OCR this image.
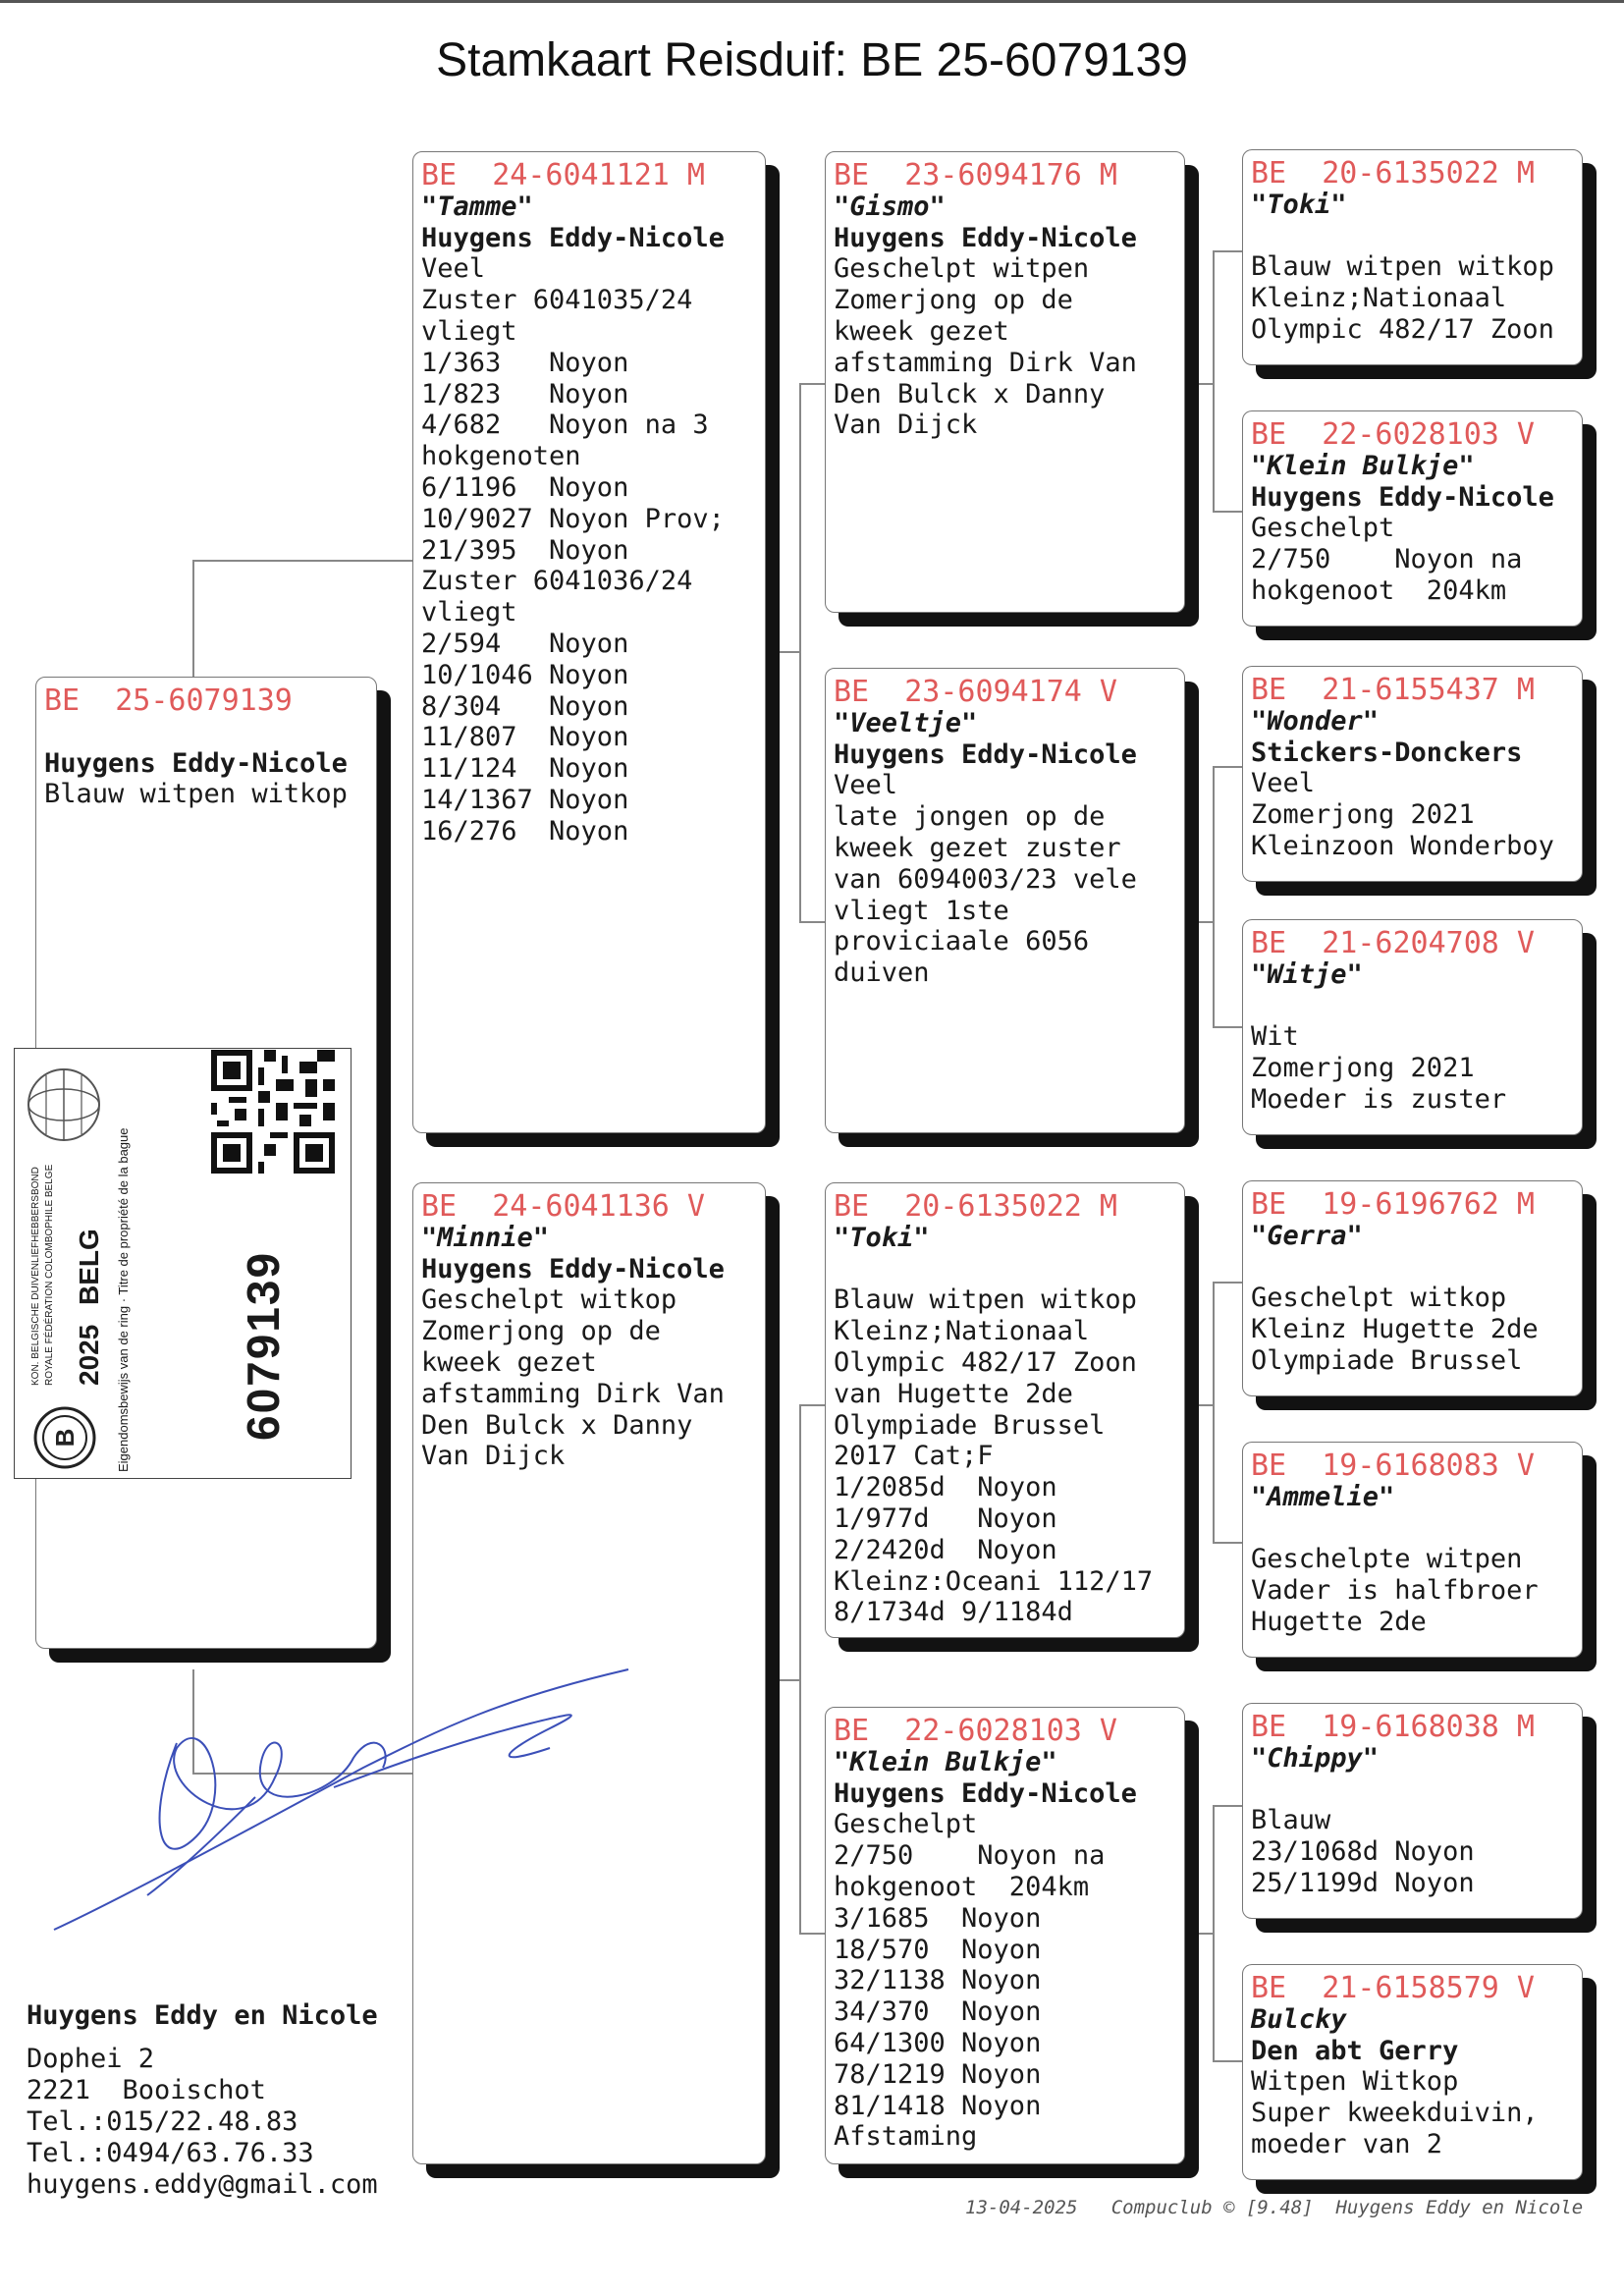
Stamkaart Reisduif: BE 25-6079139
BE  25-6079139
Huygens Eddy-Nicole
Blauw witpen witkop
BE  24-6041121 M
"Tamme"
Huygens Eddy-Nicole
Veel
Zuster 6041035/24
vliegt
1/363   Noyon
1/823   Noyon
4/682   Noyon na 3
hokgenoten
6/1196  Noyon
10/9027 Noyon Prov;
21/395  Noyon
Zuster 6041036/24
vliegt
2/594   Noyon
10/1046 Noyon
8/304   Noyon
11/807  Noyon
11/124  Noyon
14/1367 Noyon
16/276  Noyon
BE  24-6041136 V
"Minnie"
Huygens Eddy-Nicole
Geschelpt witkop
Zomerjong op de
kweek gezet
afstamming Dirk Van
Den Bulck x Danny
Van Dijck
BE  23-6094176 M
"Gismo"
Huygens Eddy-Nicole
Geschelpt witpen
Zomerjong op de
kweek gezet
afstamming Dirk Van
Den Bulck x Danny
Van Dijck
BE  23-6094174 V
"Veeltje"
Huygens Eddy-Nicole
Veel
late jongen op de
kweek gezet zuster
van 6094003/23 vele
vliegt 1ste
proviciaale 6056
duiven
BE  20-6135022 M
"Toki"
Blauw witpen witkop
Kleinz;Nationaal
Olympic 482/17 Zoon
van Hugette 2de
Olympiade Brussel
2017 Cat;F
1/2085d  Noyon
1/977d   Noyon
2/2420d  Noyon
Kleinz:Oceani 112/17
8/1734d 9/1184d
BE  22-6028103 V
"Klein Bulkje"
Huygens Eddy-Nicole
Geschelpt
2/750    Noyon na
hokgenoot  204km
3/1685  Noyon
18/570  Noyon
32/1138 Noyon
34/370  Noyon
64/1300 Noyon
78/1219 Noyon
81/1418 Noyon
Afstaming
BE  20-6135022 M
"Toki"
Blauw witpen witkop
Kleinz;Nationaal
Olympic 482/17 Zoon
BE  22-6028103 V
"Klein Bulkje"
Huygens Eddy-Nicole
Geschelpt
2/750    Noyon na
hokgenoot  204km
BE  21-6155437 M
"Wonder"
Stickers-Donckers
Veel
Zomerjong 2021
Kleinzoon Wonderboy
BE  21-6204708 V
"Witje"
Wit
Zomerjong 2021
Moeder is zuster
BE  19-6196762 M
"Gerra"
Geschelpt witkop
Kleinz Hugette 2de
Olympiade Brussel
BE  19-6168083 V
"Ammelie"
Geschelpte witpen
Vader is halfbroer
Hugette 2de
BE  19-6168038 M
"Chippy"
Blauw
23/1068d Noyon
25/1199d Noyon
BE  21-6158579 V
Bulcky
Den abt Gerry
Witpen Witkop
Super kweekduivin,
moeder van 2
B
2025
BELG
KON. BELGISCHE DUIVENLIEFHEBBERSBOND ROYALE FÉDÉRATION COLOMBOPHILE BELGE	Eigendomsbewijs van de ring · Titre de propriété de la bague 6079139
Huygens Eddy en Nicole
Dophei 2
2221  Booischot
Tel.:015/22.48.83
Tel.:0494/63.76.33
huygens.eddy@gmail.com
13-04-2025   Compuclub © [9.48]  Huygens Eddy en Nicole
